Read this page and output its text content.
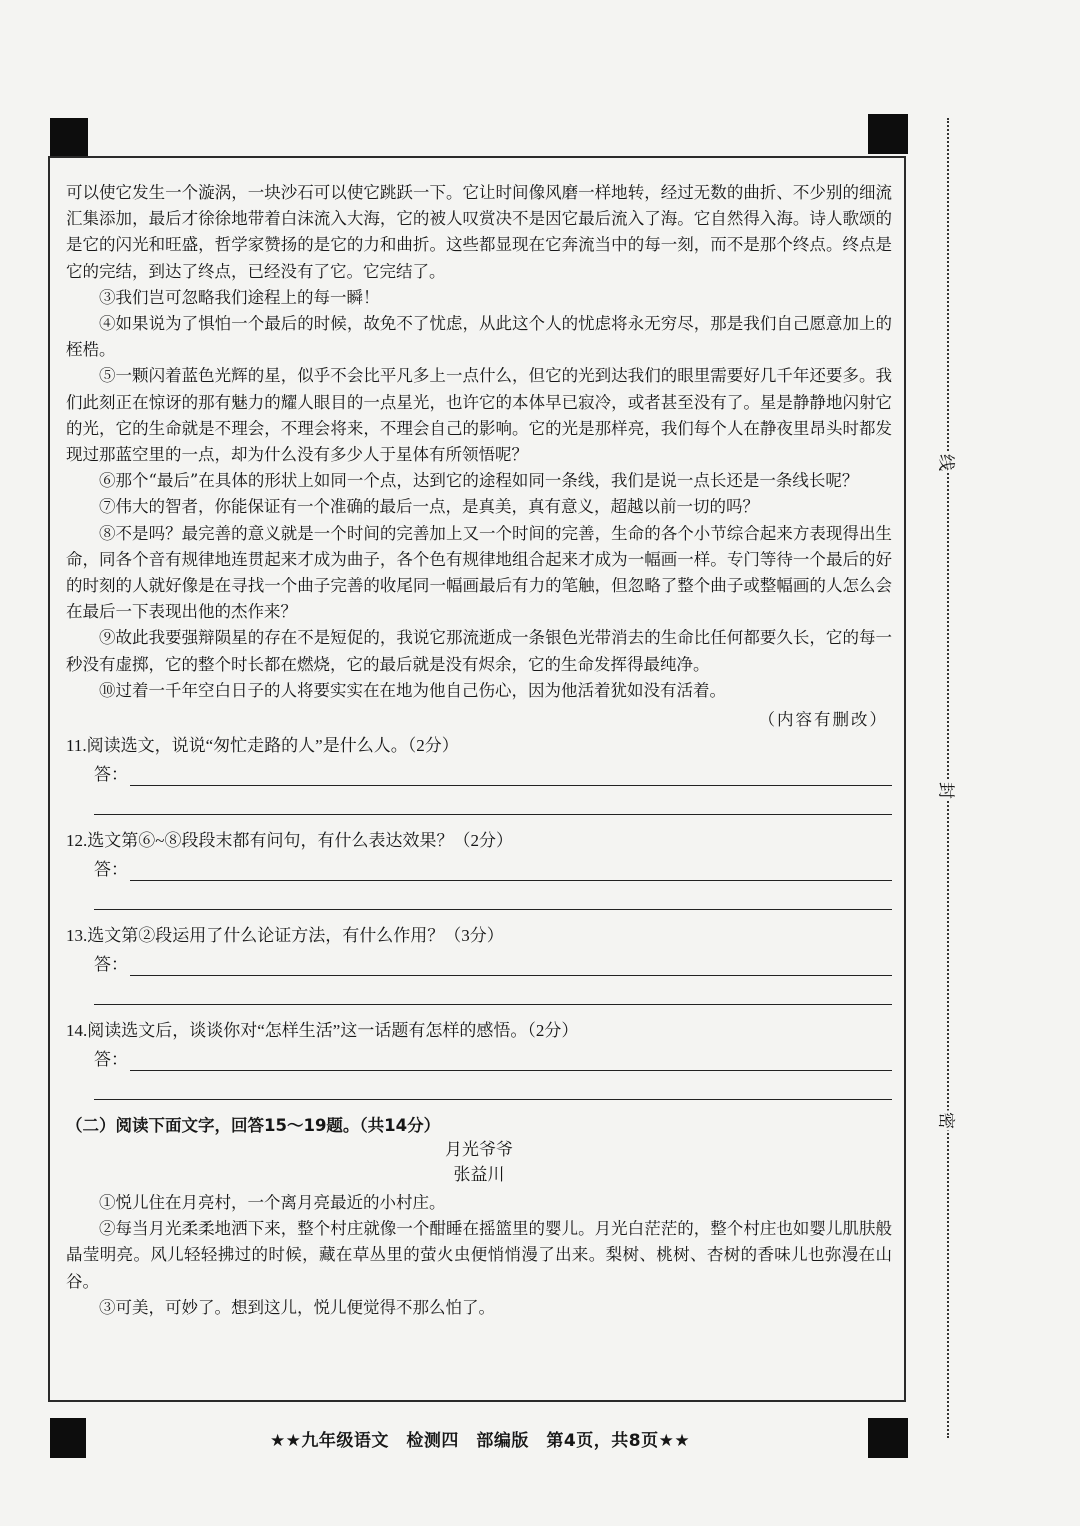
可以使它发生一个漩涡，一块沙石可以使它跳跃一下。它让时间像风磨一样地转，经过无数的曲折、不少别的细流汇集添加，最后才徐徐地带着白沫流入大海，它的被人叹赏决不是因它最后流入了海。它自然得入海。诗人歌颂的是它的闪光和旺盛，哲学家赞扬的是它的力和曲折。这些都显现在它奔流当中的每一刻，而不是那个终点。终点是它的完结，到达了终点，已经没有了它。它完结了。

③我们岂可忽略我们途程上的每一瞬！

④如果说为了惧怕一个最后的时候，故免不了忧虑，从此这个人的忧虑将永无穷尽，那是我们自己愿意加上的桎梏。

⑤一颗闪着蓝色光辉的星，似乎不会比平凡多上一点什么，但它的光到达我们的眼里需要好几千年还要多。我们此刻正在惊讶的那有魅力的耀人眼目的一点星光，也许它的本体早已寂冷，或者甚至没有了。星是静静地闪射它的光，它的生命就是不理会，不理会将来，不理会自己的影响。它的光是那样亮，我们每个人在静夜里昂头时都发现过那蓝空里的一点，却为什么没有多少人于星体有所领悟呢？

⑥那个“最后”在具体的形状上如同一个点，达到它的途程如同一条线，我们是说一点长还是一条线长呢？

⑦伟大的智者，你能保证有一个准确的最后一点，是真美，真有意义，超越以前一切的吗？

⑧不是吗？最完善的意义就是一个时间的完善加上又一个时间的完善，生命的各个小节综合起来方表现得出生命，同各个音有规律地连贯起来才成为曲子，各个色有规律地组合起来才成为一幅画一样。专门等待一个最后的好的时刻的人就好像是在寻找一个曲子完善的收尾同一幅画最后有力的笔触，但忽略了整个曲子或整幅画的人怎么会在最后一下表现出他的杰作来？

⑨故此我要强辩陨星的存在不是短促的，我说它那流逝成一条银色光带消去的生命比任何都要久长，它的每一秒没有虚掷，它的整个时长都在燃烧，它的最后就是没有烬余，它的生命发挥得最纯净。

⑩过着一千年空白日子的人将要实实在在地为他自己伤心，因为他活着犹如没有活着。

（内容有删改）
11.阅读选文，说说“匆忙走路的人”是什么人。（2分）
答：
12.选文第⑥~⑧段段末都有问句，有什么表达效果？（2分）
答：
13.选文第②段运用了什么论证方法，有什么作用？（3分）
答：
14.阅读选文后，谈谈你对“怎样生活”这一话题有怎样的感悟。（2分）
答：
（二）阅读下面文字，回答15～19题。（共14分）
月光爷爷
张益川

①悦儿住在月亮村，一个离月亮最近的小村庄。

②每当月光柔柔地洒下来，整个村庄就像一个酣睡在摇篮里的婴儿。月光白茫茫的，整个村庄也如婴儿肌肤般晶莹明亮。风儿轻轻拂过的时候，藏在草丛里的萤火虫便悄悄漫了出来。梨树、桃树、杏树的香味儿也弥漫在山谷。

③可美，可妙了。想到这儿，悦儿便觉得不那么怕了。

★★九年级语文　检测四　部编版　第4页，共8页★★
线
封
密
